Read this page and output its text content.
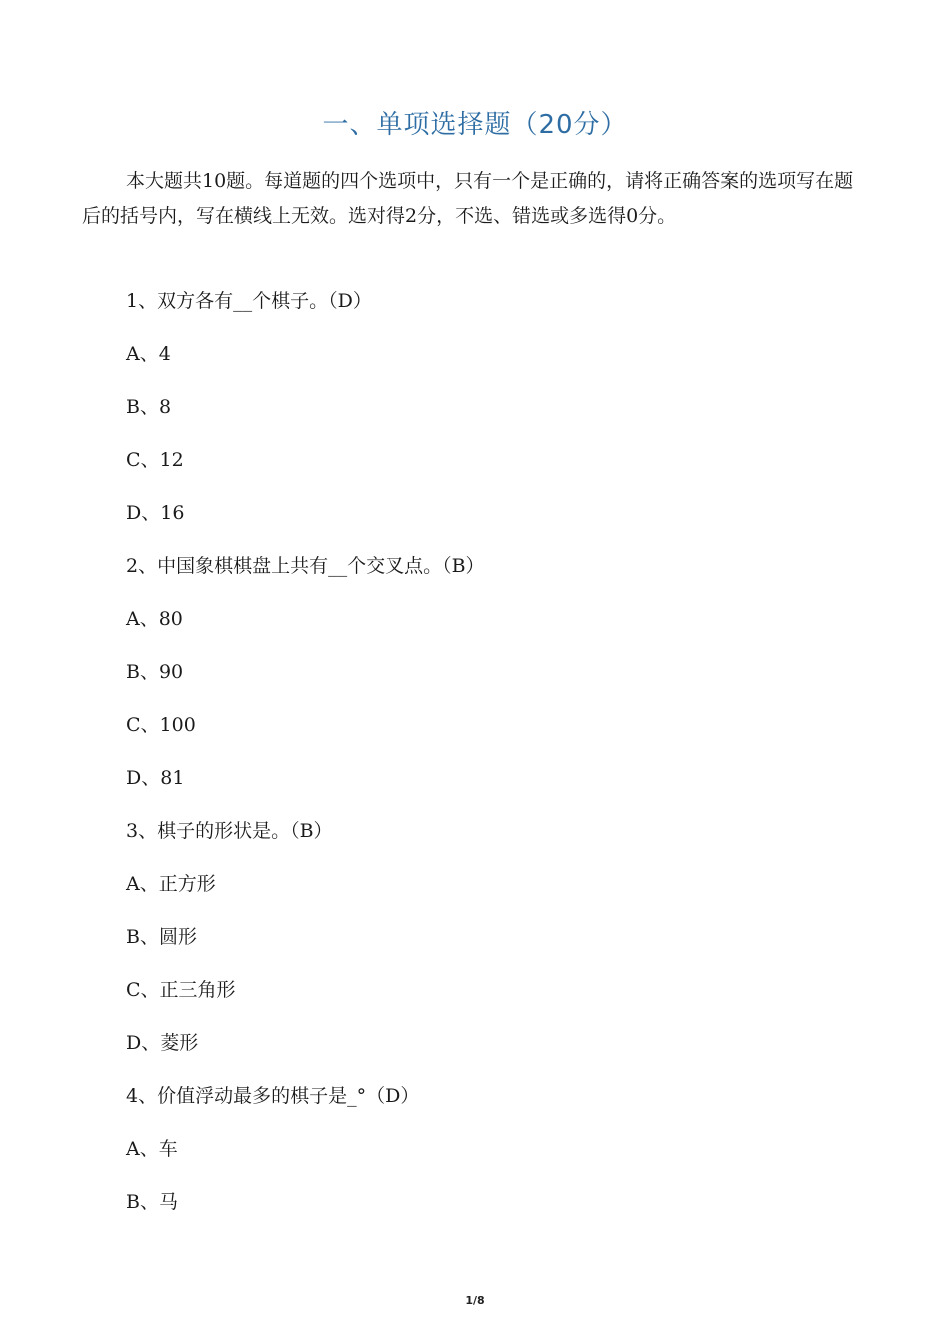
一、单项选择题（20分）
本大题共10题。每道题的四个选项中，只有一个是正确的，请将正确答案的选项写在题后的括号内，写在横线上无效。选对得2分，不选、错选或多选得0分。
1、双方各有__个棋子。（D）
A、4
B、8
C、12
D、16
2、中国象棋棋盘上共有__个交叉点。（B）
A、80
B、90
C、100
D、81
3、棋子的形状是。（B）
A、正方形
B、圆形
C、正三角形
D、菱形
4、价值浮动最多的棋子是_°（D）
A、车
B、马
1/8
